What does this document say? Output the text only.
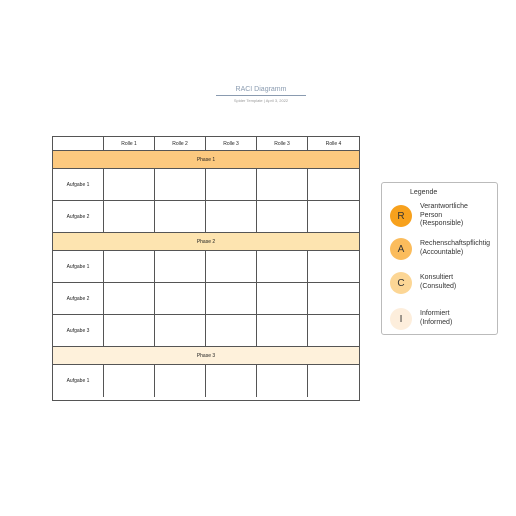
RACI Diagramm
Spider Template | April 3, 2022
Rolle 1	Rolle 2	Rolle 3	Rolle 3	Rolle 4
Phase 1
Aufgabe 1
Aufgabe 2
Phase 2
Aufgabe 1
Aufgabe 2
Aufgabe 3
Phase 3
Aufgabe 1
Legende
R
Verantwortliche
Person
(Responsible)
A	Rechenschaftspflichtig
(Accountable)
C	Konsultiert
(Consulted)
I	Informiert
(Informed)
